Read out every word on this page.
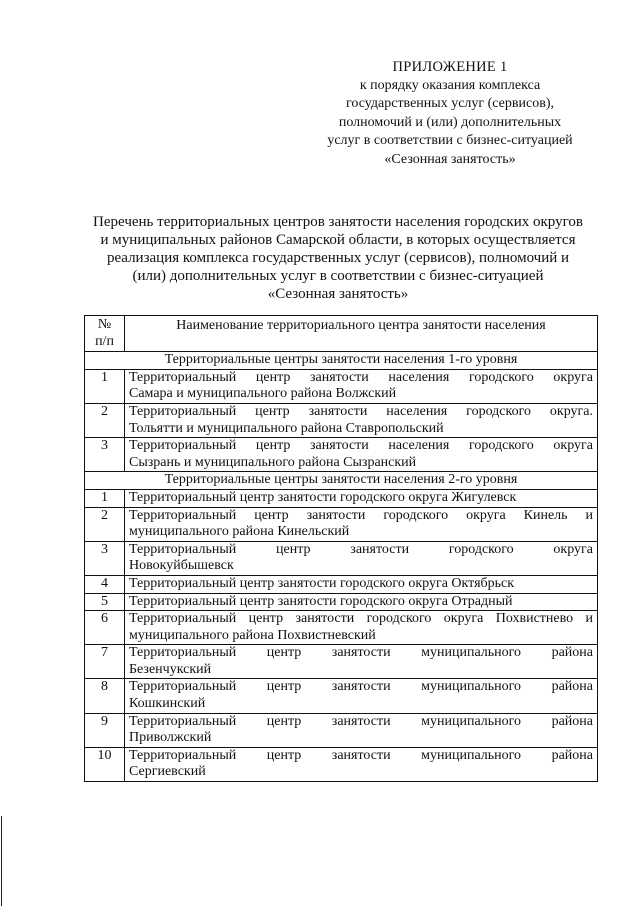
ПРИЛОЖЕНИЕ 1
к порядку оказания комплекса
государственных услуг (сервисов),
полномочий и (или) дополнительных
услуг в соответствии с бизнес-ситуацией
«Сезонная занятость»
Перечень территориальных центров занятости населения городских округов
и муниципальных районов Самарской области, в которых осуществляется
реализация комплекса государственных услуг (сервисов), полномочий и
(или) дополнительных услуг в соответствии с бизнес-ситуацией
«Сезонная занятость»
№
п/п	Наименование территориального центра занятости населения
Территориальные центры занятости населения 1-го уровня	
1	Территориальный центр занятости населения городского округа
Самара и муниципального района Волжский

2	Территориальный центр занятости населения городского округа.
Тольятти и муниципального района Ставропольский

3	Территориальный центр занятости населения городского округа
Сызрань и муниципального района Сызранский

Территориальные центры занятости населения 2-го уровня	
1	Территориальный центр занятости городского округа Жигулевск

2	Территориальный центр занятости городского округа Кинель и
муниципального района Кинельский

3	Территориальный центр занятости городского округа
Новокуйбышевск

4	Территориальный центр занятости городского округа Октябрьск

5	Территориальный центр занятости городского округа Отрадный

6	Территориальный центр занятости городского округа Похвистнево и
муниципального района Похвистневский

7	Территориальный центр занятости муниципального района
Безенчукский

8	Территориальный центр занятости муниципального района
Кошкинский

9	Территориальный центр занятости муниципального района
Приволжский

10	Территориальный центр занятости муниципального района
Сергиевский
